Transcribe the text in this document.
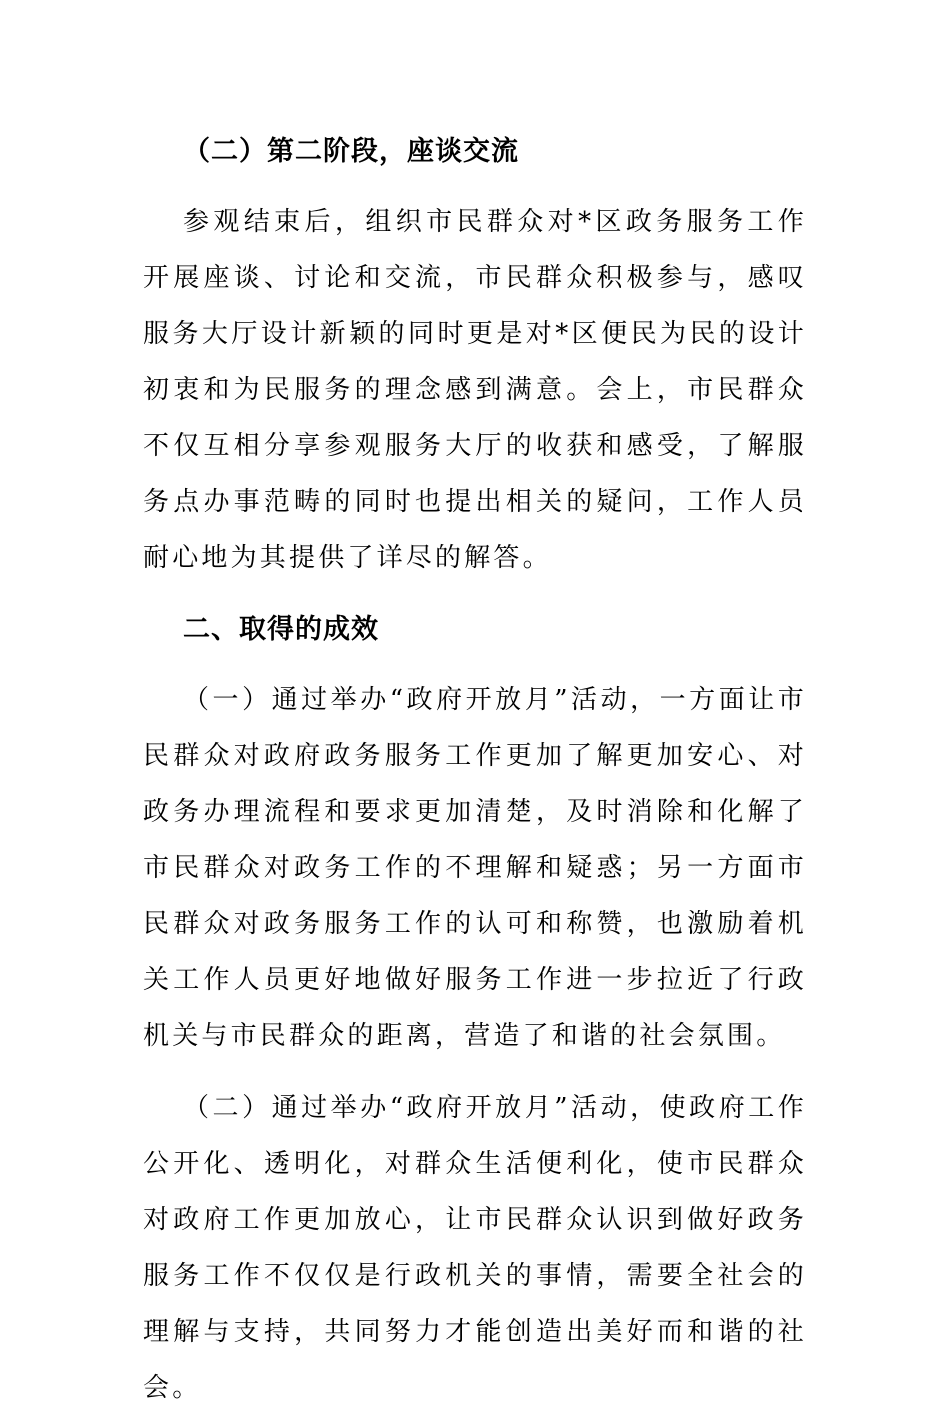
（二）第二阶段，座谈交流

参观结束后，组织市民群众对*区政务服务工作开展座谈、讨论和交流，市民群众积极参与，感叹服务大厅设计新颖的同时更是对*区便民为民的设计初衷和为民服务的理念感到满意。会上，市民群众不仅互相分享参观服务大厅的收获和感受，了解服务点办事范畴的同时也提出相关的疑问，工作人员耐心地为其提供了详尽的解答。

二、取得的成效

（一）通过举办“政府开放月”活动，一方面让市民群众对政府政务服务工作更加了解更加安心、对政务办理流程和要求更加清楚，及时消除和化解了市民群众对政务工作的不理解和疑惑；另一方面市民群众对政务服务工作的认可和称赞，也激励着机关工作人员更好地做好服务工作进一步拉近了行政机关与市民群众的距离，营造了和谐的社会氛围。

（二）通过举办“政府开放月”活动，使政府工作公开化、透明化，对群众生活便利化，使市民群众对政府工作更加放心，让市民群众认识到做好政务服务工作不仅仅是行政机关的事情，需要全社会的理解与支持，共同努力才能创造出美好而和谐的社会。
